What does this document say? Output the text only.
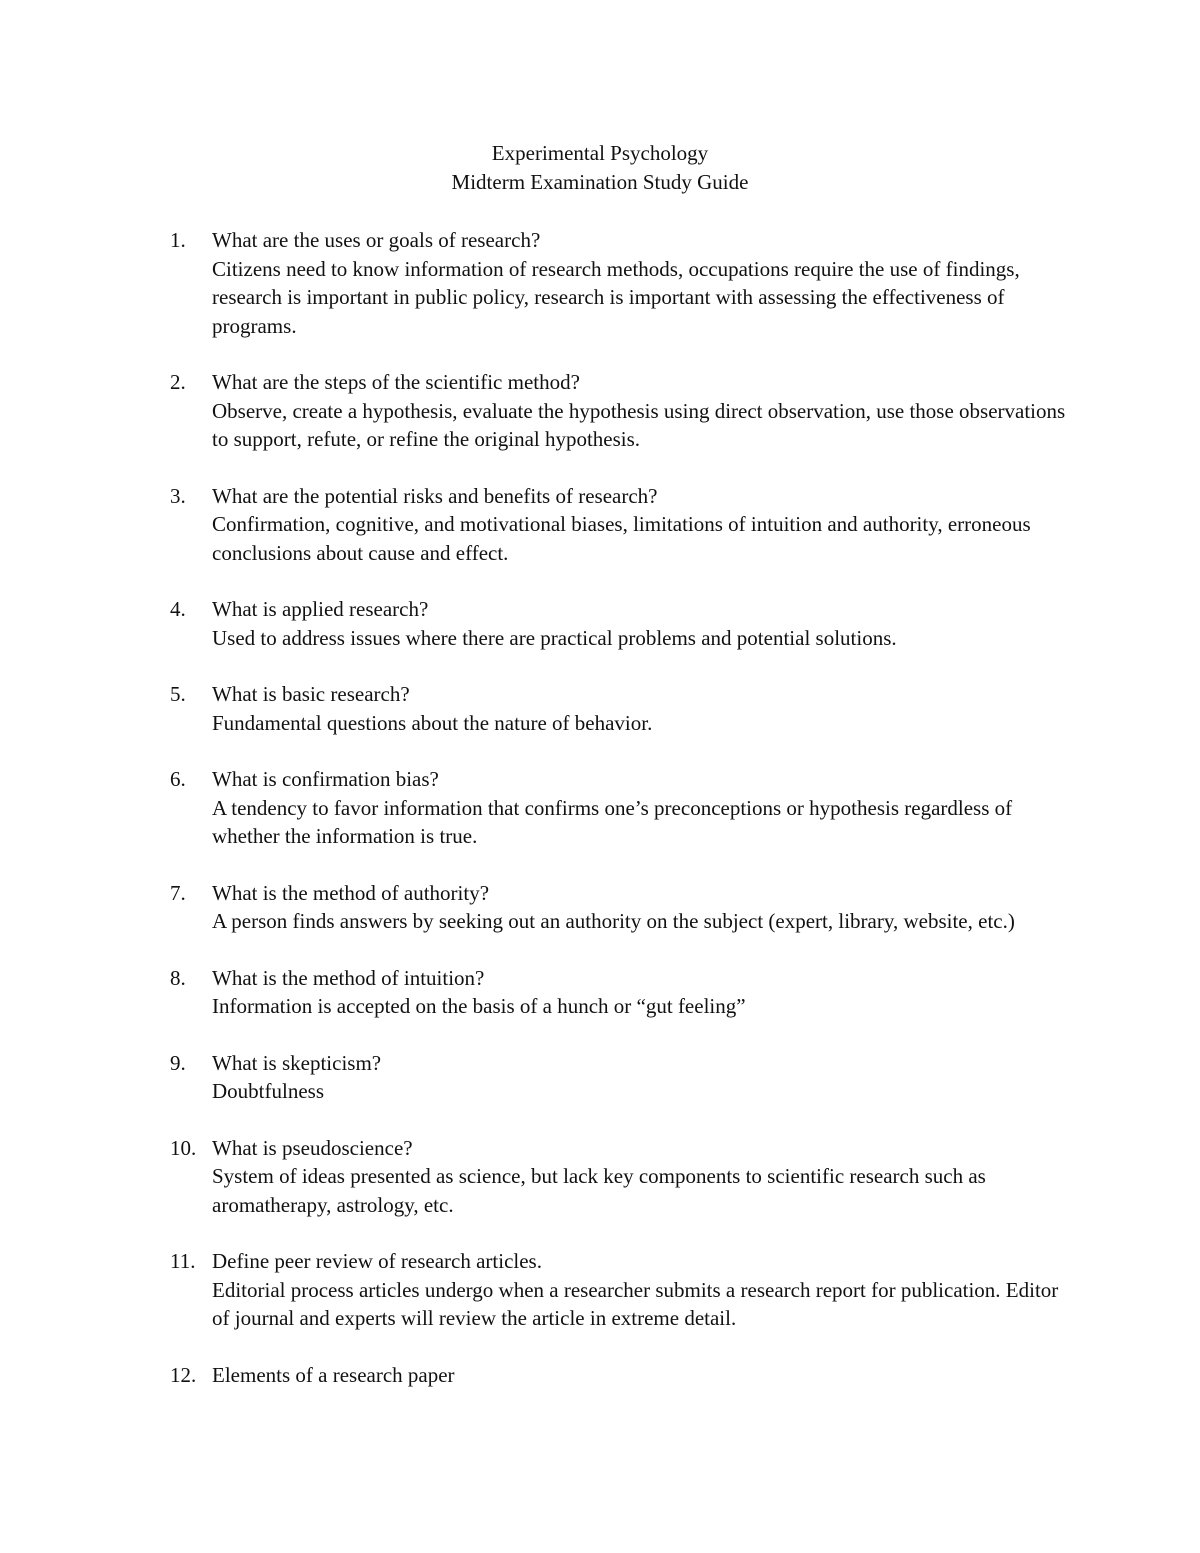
Experimental Psychology
Midterm Examination Study Guide
1.	What are the uses or goals of research?
Citizens need to know information of research methods, occupations require the use of findings, research is important in public policy, research is important with assessing the effectiveness of programs.
2.	What are the steps of the scientific method?
Observe, create a hypothesis, evaluate the hypothesis using direct observation, use those observations to support, refute, or refine the original hypothesis.
3.	What are the potential risks and benefits of research?
Confirmation, cognitive, and motivational biases, limitations of intuition and authority, erroneous conclusions about cause and effect.
4.	What is applied research?
Used to address issues where there are practical problems and potential solutions.
5.	What is basic research?
Fundamental questions about the nature of behavior.
6.	What is confirmation bias?
A tendency to favor information that confirms one’s preconceptions or hypothesis regardless of whether the information is true.
7.	What is the method of authority?
A person finds answers by seeking out an authority on the subject (expert, library, website, etc.)
8.	What is the method of intuition?
Information is accepted on the basis of a hunch or “gut feeling”
9.	What is skepticism?
Doubtfulness
10. What is pseudoscience?
System of ideas presented as science, but lack key components to scientific research such as aromatherapy, astrology, etc.
11. Define peer review of research articles.
Editorial process articles undergo when a researcher submits a research report for publication. Editor of journal and experts will review the article in extreme detail.
12. Elements of a research paper
